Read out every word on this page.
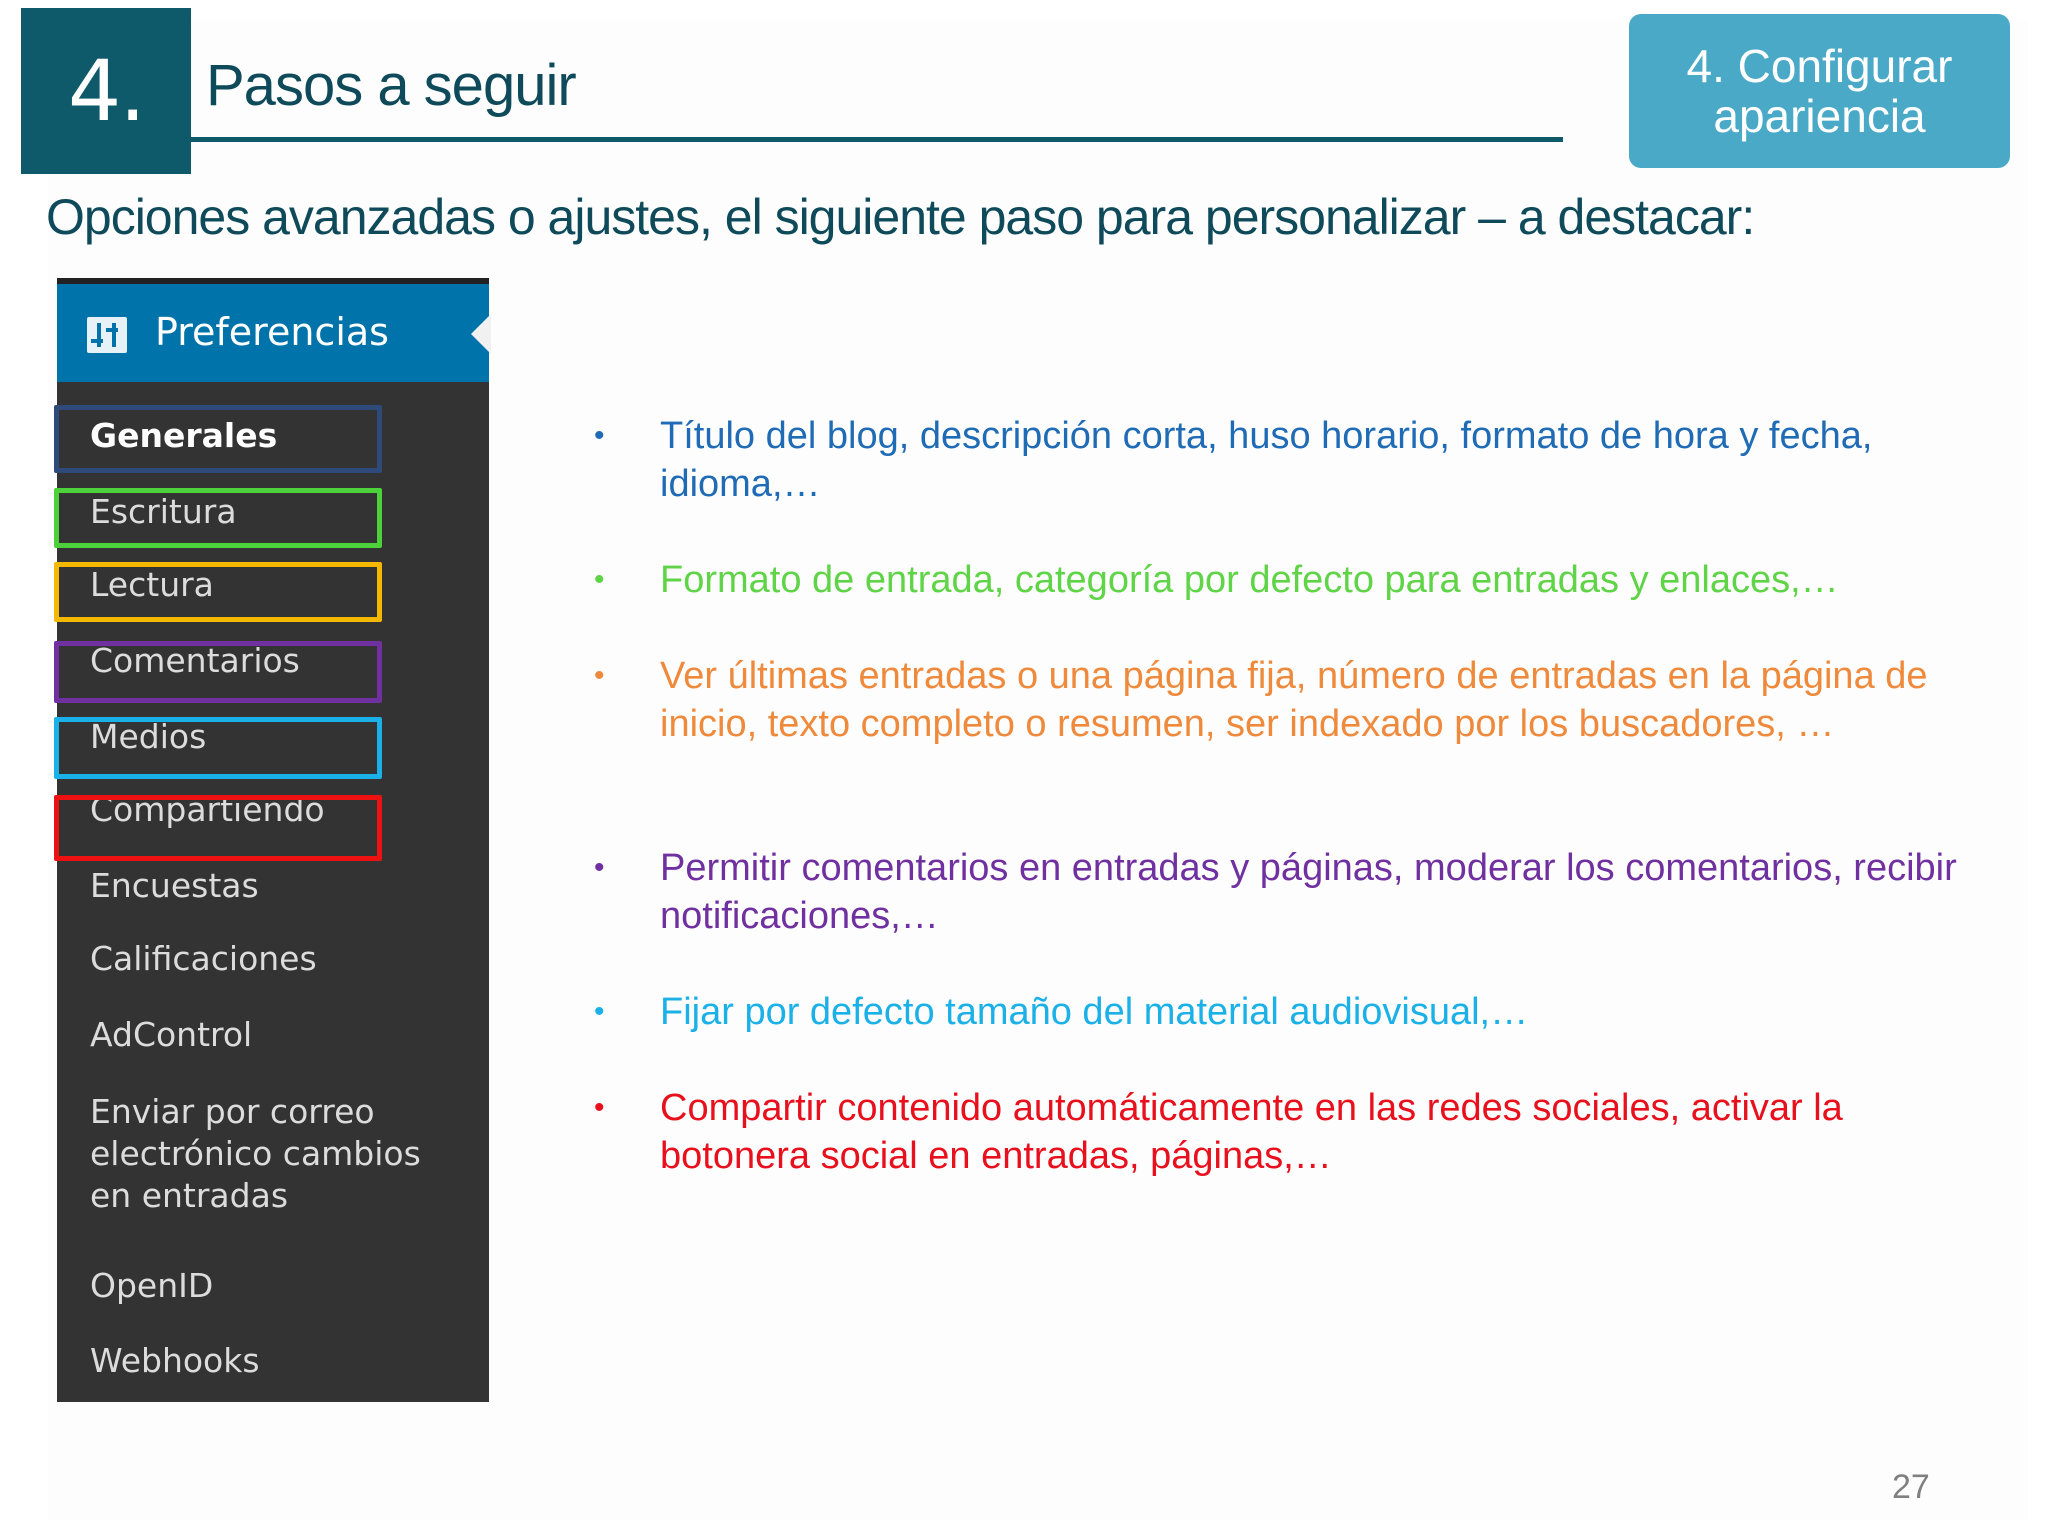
4.	Pasos a seguir	4. Configurar
apariencia
Opciones avanzadas o ajustes, el siguiente paso para personalizar – a destacar:
Preferencias
Generales
Escritura
Lectura
Comentarios
Medios
Compartiendo
Encuestas
Calificaciones
AdControl
Enviar por correo
electrónico cambios
en entradas
OpenID
Webhooks
• Título del blog, descripción corta, huso horario, formato de hora y fecha, idioma,…
• Formato de entrada, categoría por defecto para entradas y enlaces,…
• Ver últimas entradas o una página fija, número de entradas en la página de inicio, texto completo o resumen, ser indexado por los buscadores, …
• Permitir comentarios en entradas y páginas, moderar los comentarios, recibir notificaciones,…
• Fijar por defecto tamaño del material audiovisual,…
• Compartir contenido automáticamente en las redes sociales, activar la botonera social en entradas, páginas,…
27
